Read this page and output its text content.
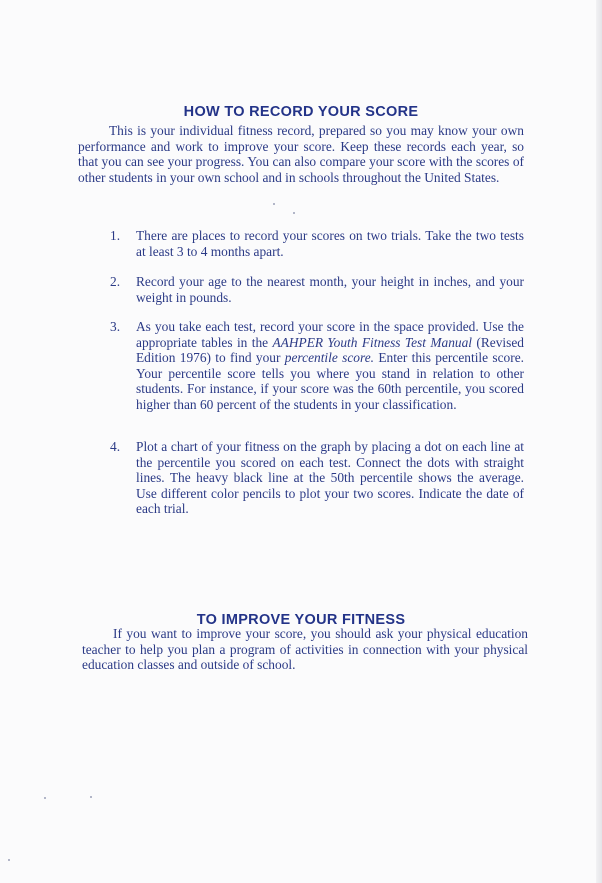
HOW TO RECORD YOUR SCORE

This is your individual fitness record, prepared so you may know your own performance and work to improve your score. Keep these records each year, so that you can see your progress. You can also compare your score with the scores of other students in your own school and in schools throughout the United States.

1. There are places to record your scores on two trials. Take the two tests at least 3 to 4 months apart.

2. Record your age to the nearest month, your height in inches, and your weight in pounds.

3. As you take each test, record your score in the space provided. Use the appropriate tables in the AAHPER Youth Fitness Test Manual (Revised Edition 1976) to find your percentile score. Enter this percentile score. Your percentile score tells you where you stand in relation to other students. For instance, if your score was the 60th percentile, you scored higher than 60 percent of the students in your classification.

4. Plot a chart of your fitness on the graph by placing a dot on each line at the percentile you scored on each test. Connect the dots with straight lines. The heavy black line at the 50th percentile shows the average. Use different color pencils to plot your two scores. Indicate the date of each trial.

TO IMPROVE YOUR FITNESS

If you want to improve your score, you should ask your physical education teacher to help you plan a program of activities in connection with your physical education classes and outside of school.
